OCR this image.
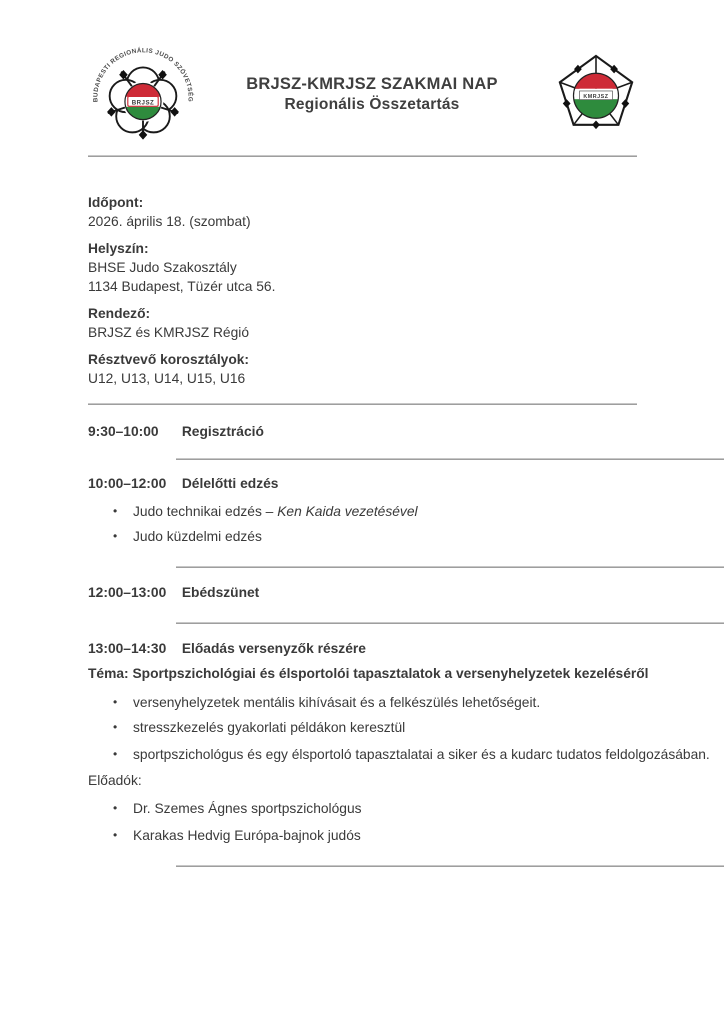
BUDAPESTI REGIONÁLIS JUDO SZÖVETSÉG
BRJSZ
BRJSZ-KMRJSZ SZAKMAI NAP
Regionális Összetartás	KMRJSZ
Időpont:
2026. április 18. (szombat)
Helyszín:
BHSE Judo Szakosztály
1134 Budapest, Tüzér utca 56.
Rendező:
BRJSZ és KMRJSZ Régió
Résztvevő korosztályok:
U12, U13, U14, U15, U16
9:30–10:00 Regisztráció
10:00–12:00 Délelőtti edzés
•	Judo technikai edzés – Ken Kaida vezetésével
•	Judo küzdelmi edzés
12:00–13:00 Ebédszünet
13:00–14:30 Előadás versenyzők részére
Téma: Sportpszichológiai és élsportolói tapasztalatok a versenyhelyzetek kezeléséről
•	versenyhelyzetek mentális kihívásait és a felkészülés lehetőségeit.
•	stresszkezelés gyakorlati példákon keresztül
•	sportpszichológus és egy élsportoló tapasztalatai a siker és a kudarc tudatos feldolgozásában.
Előadók:
•	Dr. Szemes Ágnes sportpszichológus
•	Karakas Hedvig Európa-bajnok judós
